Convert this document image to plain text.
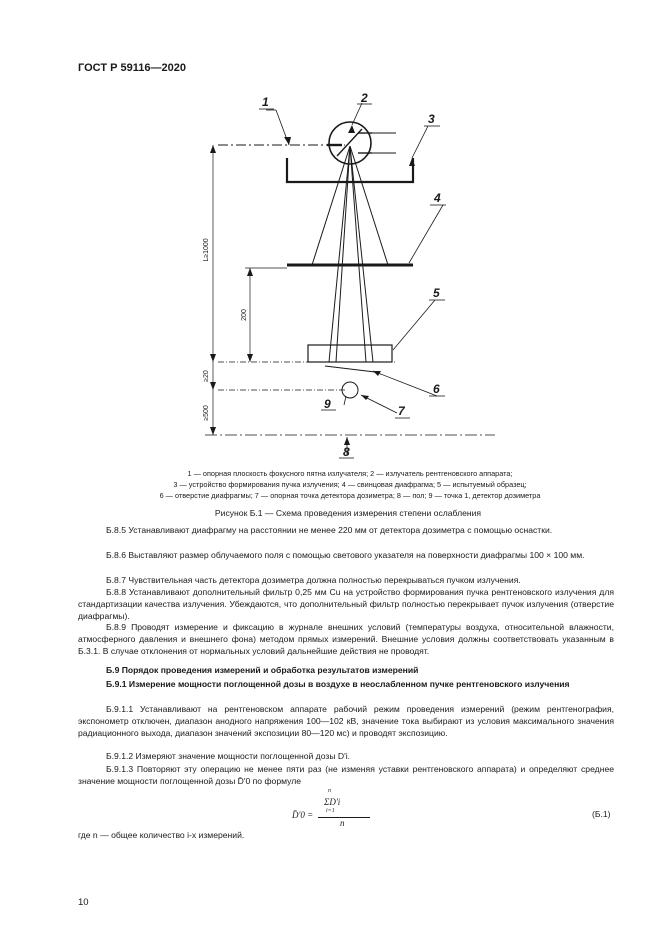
ГОСТ Р 59116—2020
1	2
3
4
5
6
7
8
9
L≥1000
200
≥20
≥500
1 — опорная плоскость фокусного пятна излучателя; 2 — излучатель рентгеновского аппарата;
3 — устройство формирования пучка излучения; 4 — свинцовая диафрагма; 5 — испытуемый образец;
6 — отверстие диафрагмы; 7 — опорная точка детектора дозиметра; 8 — пол; 9 — точка 1, детектор дозиметра
Рисунок Б.1 — Схема проведения измерения степени ослабления
Б.8.5 Устанавливают диафрагму на расстоянии не менее 220 мм от детектора дозиметра с помощью оснастки.
Б.8.6 Выставляют размер облучаемого поля с помощью светового указателя на поверхности диафрагмы 100 × 100 мм.
Б.8.7 Чувствительная часть детектора дозиметра должна полностью перекрываться пучком излучения.
Б.8.8 Устанавливают дополнительный фильтр 0,25 мм Cu на устройство формирования пучка рентгеновского излучения для стандартизации качества излучения. Убеждаются, что дополнительный фильтр полностью перекрывает пучок излучения (отверстие диафрагмы).
Б.8.9 Проводят измерение и фиксацию в журнале внешних условий (температуры воздуха, относительной влажности, атмосферного давления и внешнего фона) методом прямых измерений. Внешние условия должны соответствовать указанным в Б.3.1. В случае отклонения от нормальных условий дальнейшие действия не проводят.
Б.9 Порядок проведения измерений и обработка результатов измерений
Б.9.1 Измерение мощности поглощенной дозы в воздухе в неослабленном пучке рентгеновского излучения
Б.9.1.1 Устанавливают на рентгеновском аппарате рабочий режим проведения измерений (режим рентгенография, экспонометр отключен, диапазон анодного напряжения 100—102 кВ, значение тока выбирают из условия максимального значения радиационного выхода, диапазон значений экспозиции 80—120 мс) и проводят экспозицию.
Б.9.1.2 Измеряют значение мощности поглощенной дозы D'i.
Б.9.1.3 Повторяют эту операцию не менее пяти раз (не изменяя уставки рентгеновского аппарата) и определяют среднее значение мощности поглощенной дозы D̄'0 по формуле
n
ΣD'i
i=1
D̄'0 =
n
(Б.1)
где n — общее количество i-х измерений.
10
